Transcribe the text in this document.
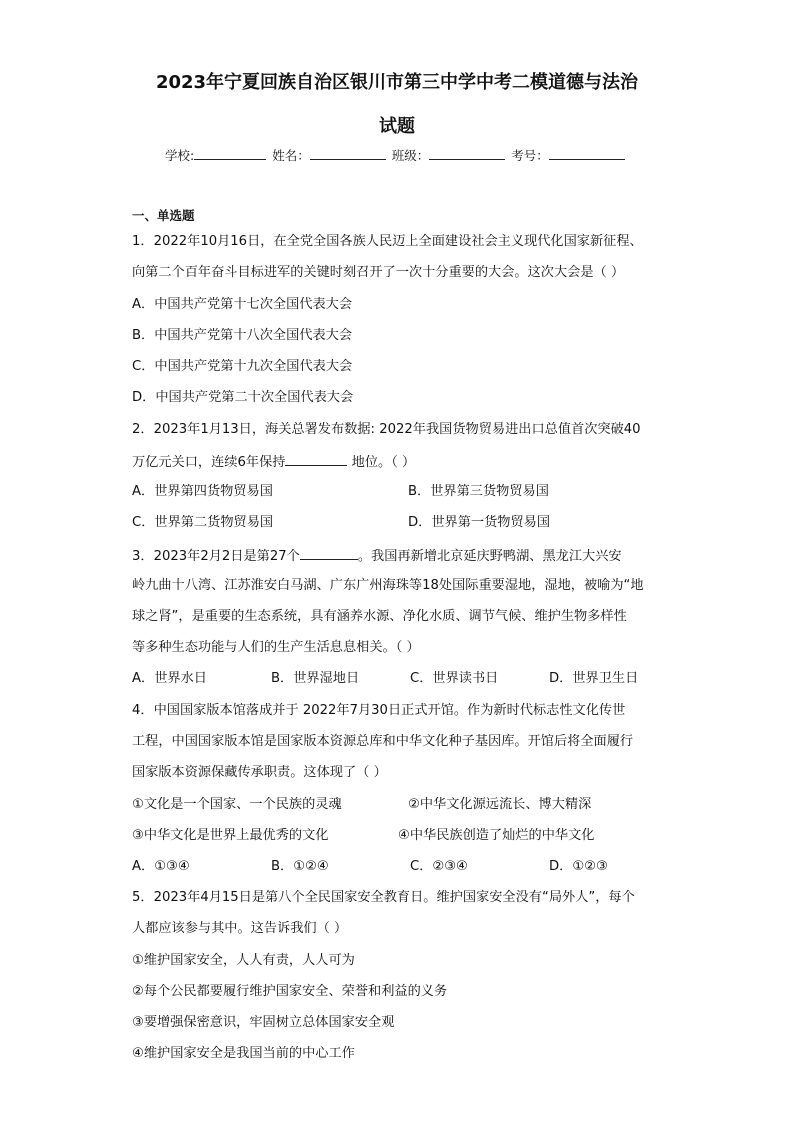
2023年宁夏回族自治区银川市第三中学中考二模道德与法治
试题
学校:	姓名：	班级：	考号：
一、单选题
1．2022年10月16日，在全党全国各族人民迈上全面建设社会主义现代化国家新征程、
向第二个百年奋斗目标进军的关键时刻召开了一次十分重要的大会。这次大会是（ ）
A．中国共产党第十七次全国代表大会
B．中国共产党第十八次全国代表大会
C．中国共产党第十九次全国代表大会
D．中国共产党第二十次全国代表大会
2．2023年1月13日，海关总署发布数据: 2022年我国货物贸易进出口总值首次突破40
万亿元关口，连续6年保持	地位。（ ）
A．世界第四货物贸易国	B．世界第三货物贸易国
C．世界第二货物贸易国	D．世界第一货物贸易国
3．2023年2月2日是第27个	。我国再新增北京延庆野鸭湖、黑龙江大兴安
岭九曲十八湾、江苏淮安白马湖、广东广州海珠等18处国际重要湿地，湿地，被喻为“地
球之肾”，是重要的生态系统，具有涵养水源、净化水质、调节气候、维护生物多样性
等多种生态功能与人们的生产生活息息相关。（ ）
A．世界水日	B．世界湿地日	C．世界读书日	D．世界卫生日
4．中国国家版本馆落成并于 2022年7月30日正式开馆。作为新时代标志性文化传世
工程，中国国家版本馆是国家版本资源总库和中华文化种子基因库。开馆后将全面履行
国家版本资源保藏传承职责。这体现了（ ）
①文化是一个国家、一个民族的灵魂	②中华文化源远流长、博大精深
③中华文化是世界上最优秀的文化	④中华民族创造了灿烂的中华文化
A．①③④	B．①②④	C．②③④	D．①②③
5．2023年4月15日是第八个全民国家安全教育日。维护国家安全没有“局外人”，每个
人都应该参与其中。这告诉我们（ ）
①维护国家安全，人人有责，人人可为
②每个公民都要履行维护国家安全、荣誉和利益的义务
③要增强保密意识，牢固树立总体国家安全观
④维护国家安全是我国当前的中心工作
